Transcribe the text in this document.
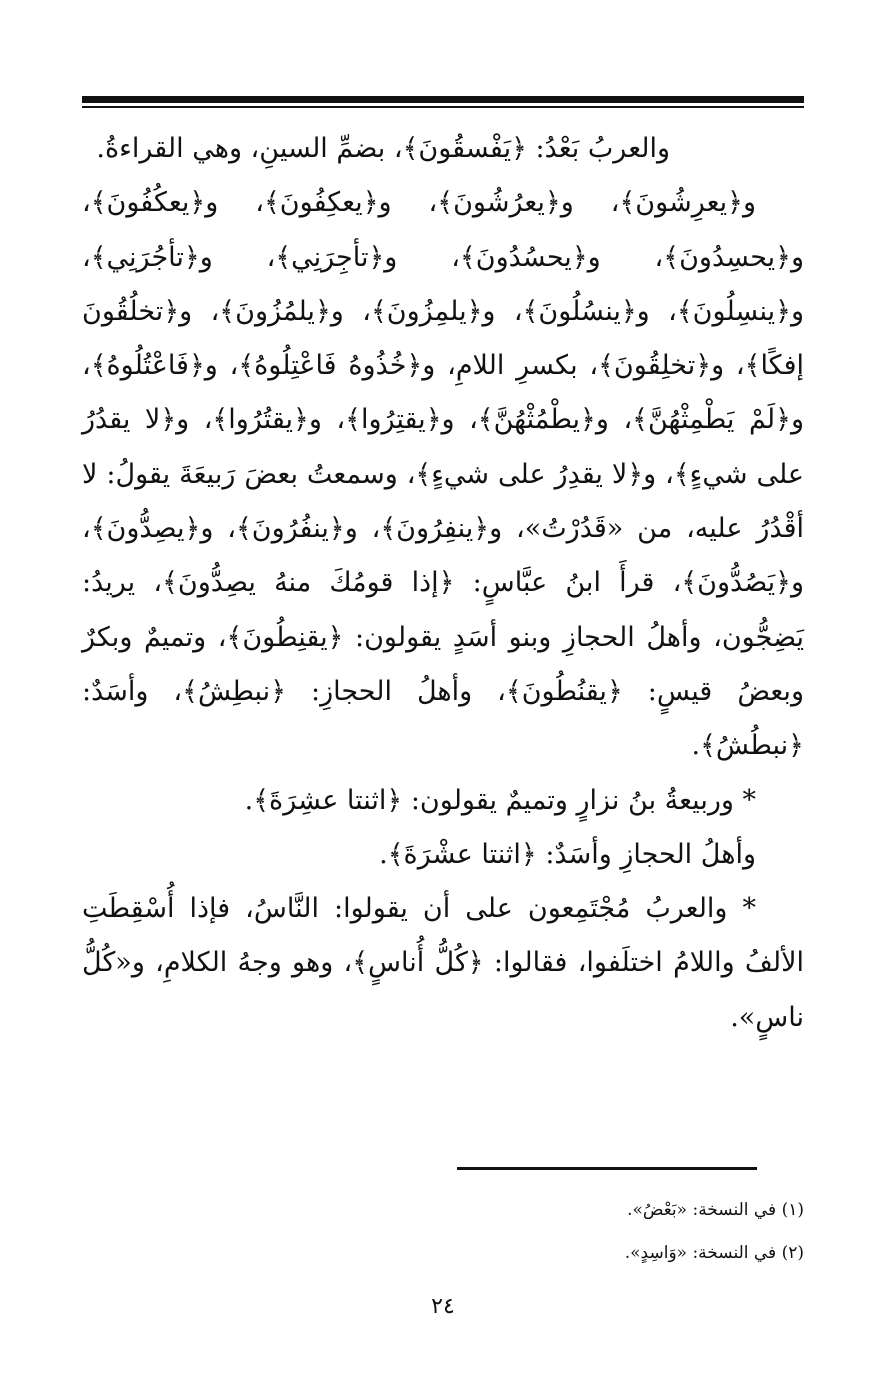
والعربُ بَعْدُ: ﴿يَفْسقُونَ﴾، بضمِّ السينِ، وهي القراءةُ.

و﴿يعرِشُونَ﴾، و﴿يعرُشُونَ﴾، و﴿يعكِفُونَ﴾، و﴿يعكُفُونَ﴾، و﴿يحسِدُونَ﴾، و﴿يحسُدُونَ﴾، و﴿تأجِرَنِي﴾، و﴿تأجُرَنِي﴾، و﴿ينسِلُونَ﴾، و﴿ينسُلُونَ﴾، و﴿يلمِزُونَ﴾، و﴿يلمُزُونَ﴾، و﴿تخلُقُونَ إفكًا﴾، و﴿تخلِقُونَ﴾، بكسرِ اللامِ، و﴿خُذُوهُ فَاعْتِلُوهُ﴾، و﴿فَاعْتُلُوهُ﴾، و﴿لَمْ يَطْمِثْهُنَّ﴾، و﴿يطْمُثْهُنَّ﴾، و﴿يقتِرُوا﴾، و﴿يقتُرُوا﴾، و﴿لا يقدُرُ على شيءٍ﴾، و﴿لا يقدِرُ على شيءٍ﴾، وسمعتُ بعضَ رَبيعَةَ يقولُ: لا أقْدُرُ عليه، من «قَدُرْتُ»، و﴿ينفِرُونَ﴾، و﴿ينفُرُونَ﴾، و﴿يصِدُّونَ﴾، و﴿يَصُدُّونَ﴾، قرأَ ابنُ عبَّاسٍ: ﴿إذا قومُكَ منهُ يصِدُّونَ﴾، يريدُ: يَضِجُّون، وأهلُ الحجازِ وبنو أسَدٍ يقولون: ﴿يقنِطُونَ﴾، وتميمٌ وبكرٌ وبعضُ قيسٍ: ﴿يقنُطُونَ﴾، وأهلُ الحجازِ: ﴿نبطِشُ﴾، وأسَدٌ: ﴿نبطُشُ﴾.

* وربيعةُ بنُ نزارٍ وتميمٌ يقولون: ﴿اثنتا عشِرَةَ﴾.

وأهلُ الحجازِ وأسَدٌ: ﴿اثنتا عشْرَةَ﴾.

* والعربُ مُجْتَمِعون على أن يقولوا: النَّاسُ، فإذا أُسْقِطَتِ الألفُ واللامُ اختلَفوا، فقالوا: ﴿كُلُّ أُناسٍ﴾، وهو وجهُ الكلامِ، و«كُلُّ ناسٍ».

(١) في النسخة: «بَعْضُ».
(٢) في النسخة: «وَاسِدٍ».
٢٤
